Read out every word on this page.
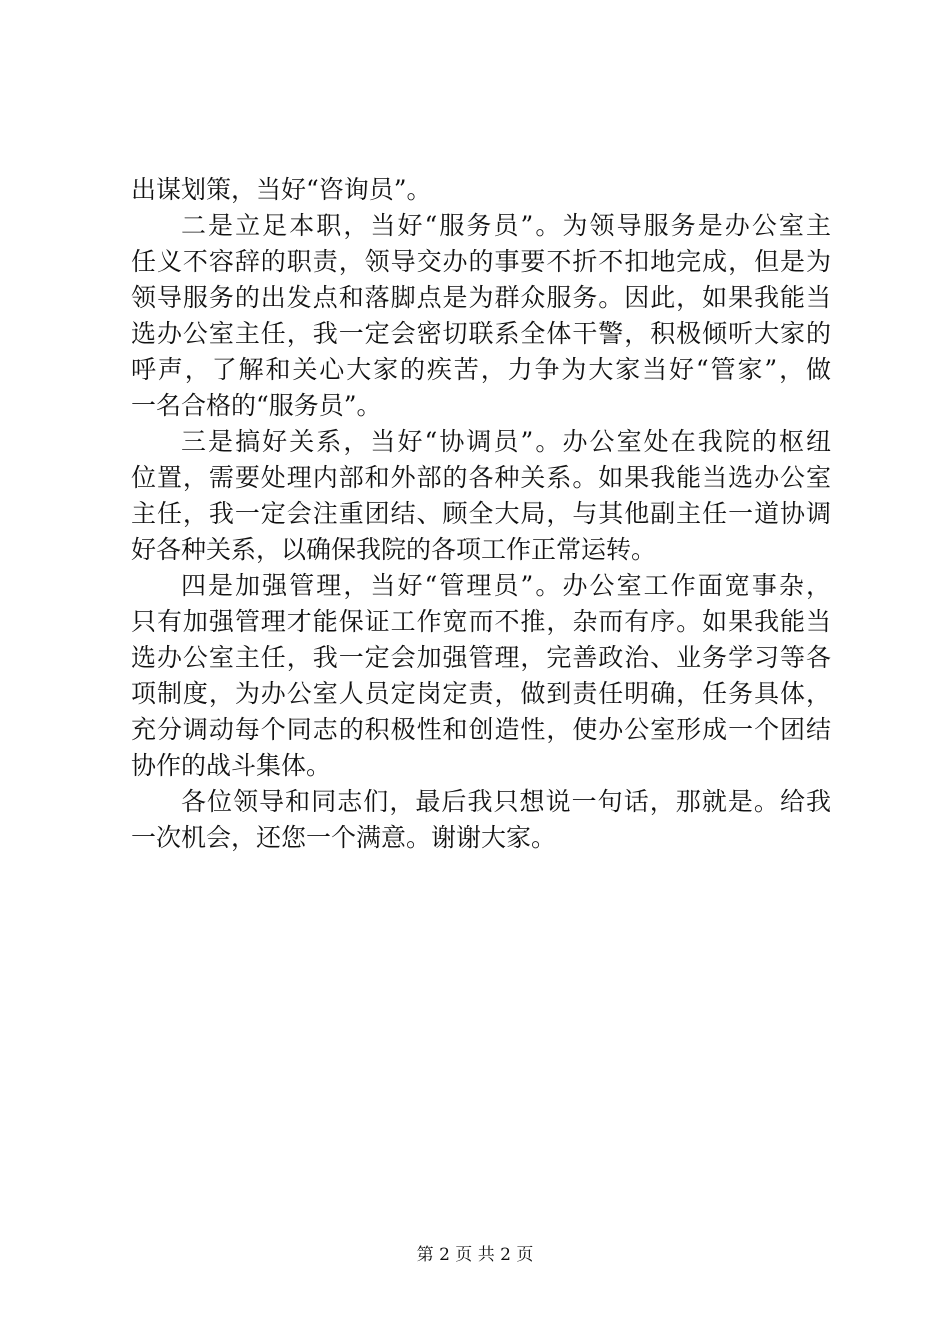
出谋划策，当好“咨询员”。
二是立足本职，当好“服务员”。为领导服务是办公室主
任义不容辞的职责，领导交办的事要不折不扣地完成，但是为
领导服务的出发点和落脚点是为群众服务。因此，如果我能当
选办公室主任，我一定会密切联系全体干警，积极倾听大家的
呼声，了解和关心大家的疾苦，力争为大家当好“管家”，做
一名合格的“服务员”。
三是搞好关系，当好“协调员”。办公室处在我院的枢纽
位置，需要处理内部和外部的各种关系。如果我能当选办公室
主任，我一定会注重团结、顾全大局，与其他副主任一道协调
好各种关系，以确保我院的各项工作正常运转。
四是加强管理，当好“管理员”。办公室工作面宽事杂，
只有加强管理才能保证工作宽而不推，杂而有序。如果我能当
选办公室主任，我一定会加强管理，完善政治、业务学习等各
项制度，为办公室人员定岗定责，做到责任明确，任务具体，
充分调动每个同志的积极性和创造性，使办公室形成一个团结
协作的战斗集体。
各位领导和同志们，最后我只想说一句话，那就是。给我
一次机会，还您一个满意。谢谢大家。
第 2 页 共 2 页
